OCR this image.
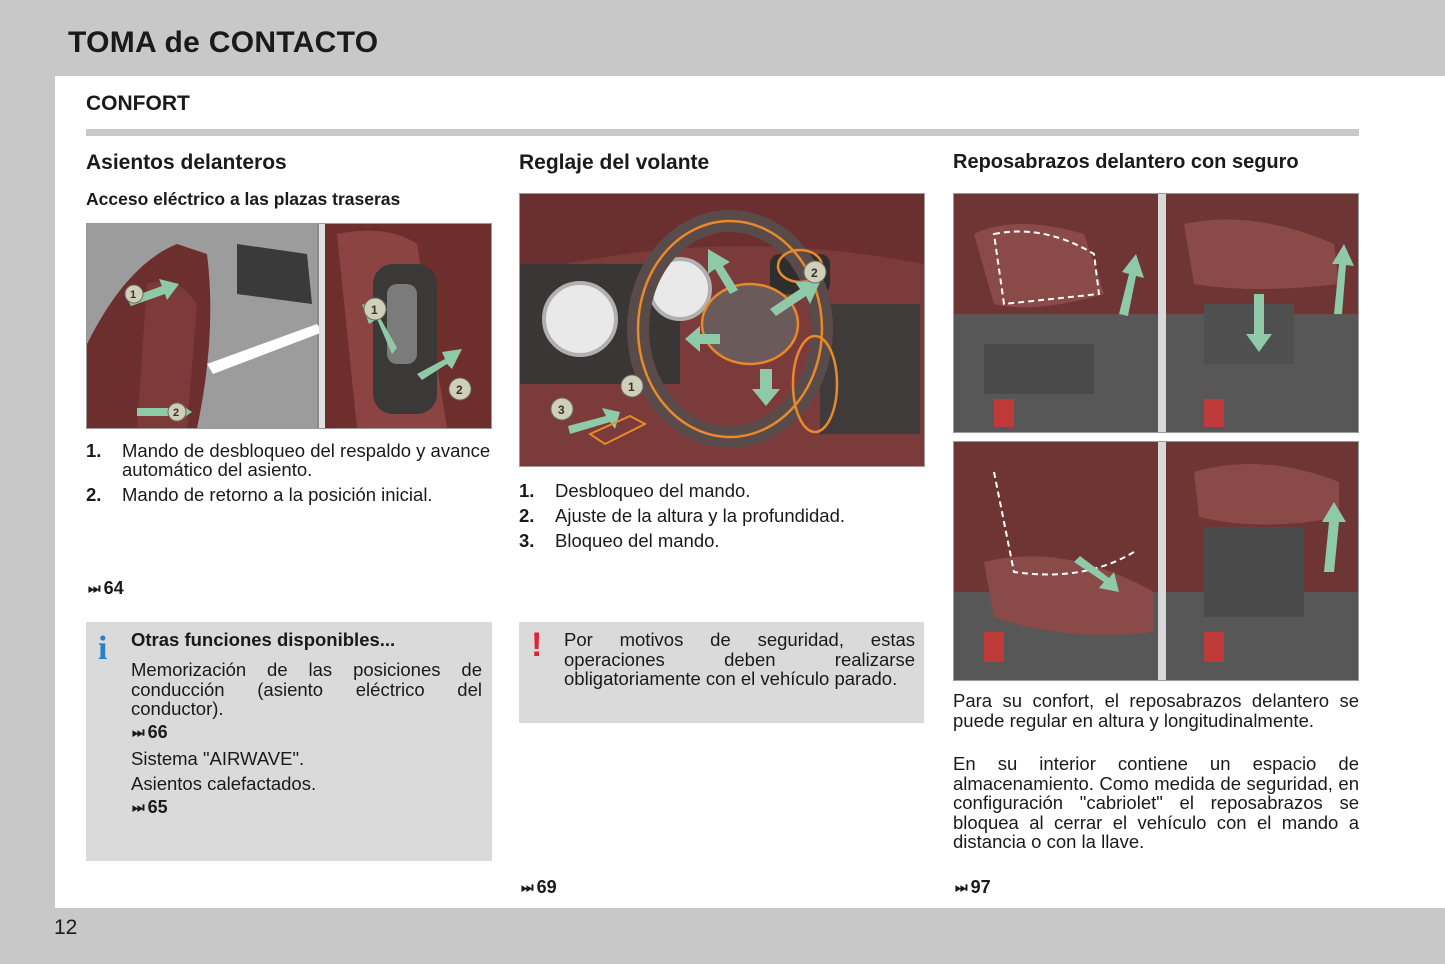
TOMA de CONTACTO
CONFORT
Asientos delanteros
Acceso eléctrico a las plazas traseras
1
2
1
2
1. Mando de desbloqueo del respaldo y avance automático del asiento.
2. Mando de retorno a la posición inicial.
⏭ 64
i Otras funciones disponibles...
Memorización de las posiciones de conducción (asiento eléctrico del conductor).
⏭ 66
Sistema "AIRWAVE".
Asientos calefactados.
⏭ 65
Reglaje del volante
2
1
3
1. Desbloqueo del mando.
2. Ajuste de la altura y la profundidad.
3. Bloqueo del mando.
! Por motivos de seguridad, estas operaciones deben realizarse obligatoriamente con el vehículo parado.
⏭ 69
Reposabrazos delantero con seguro
Para su confort, el reposabrazos delantero se puede regular en altura y longitudinalmente.
En su interior contiene un espacio de almacenamiento. Como medida de seguridad, en configuración "cabriolet" el reposabrazos se bloquea al cerrar el vehículo con el mando a distancia o con la llave.
⏭ 97
12
